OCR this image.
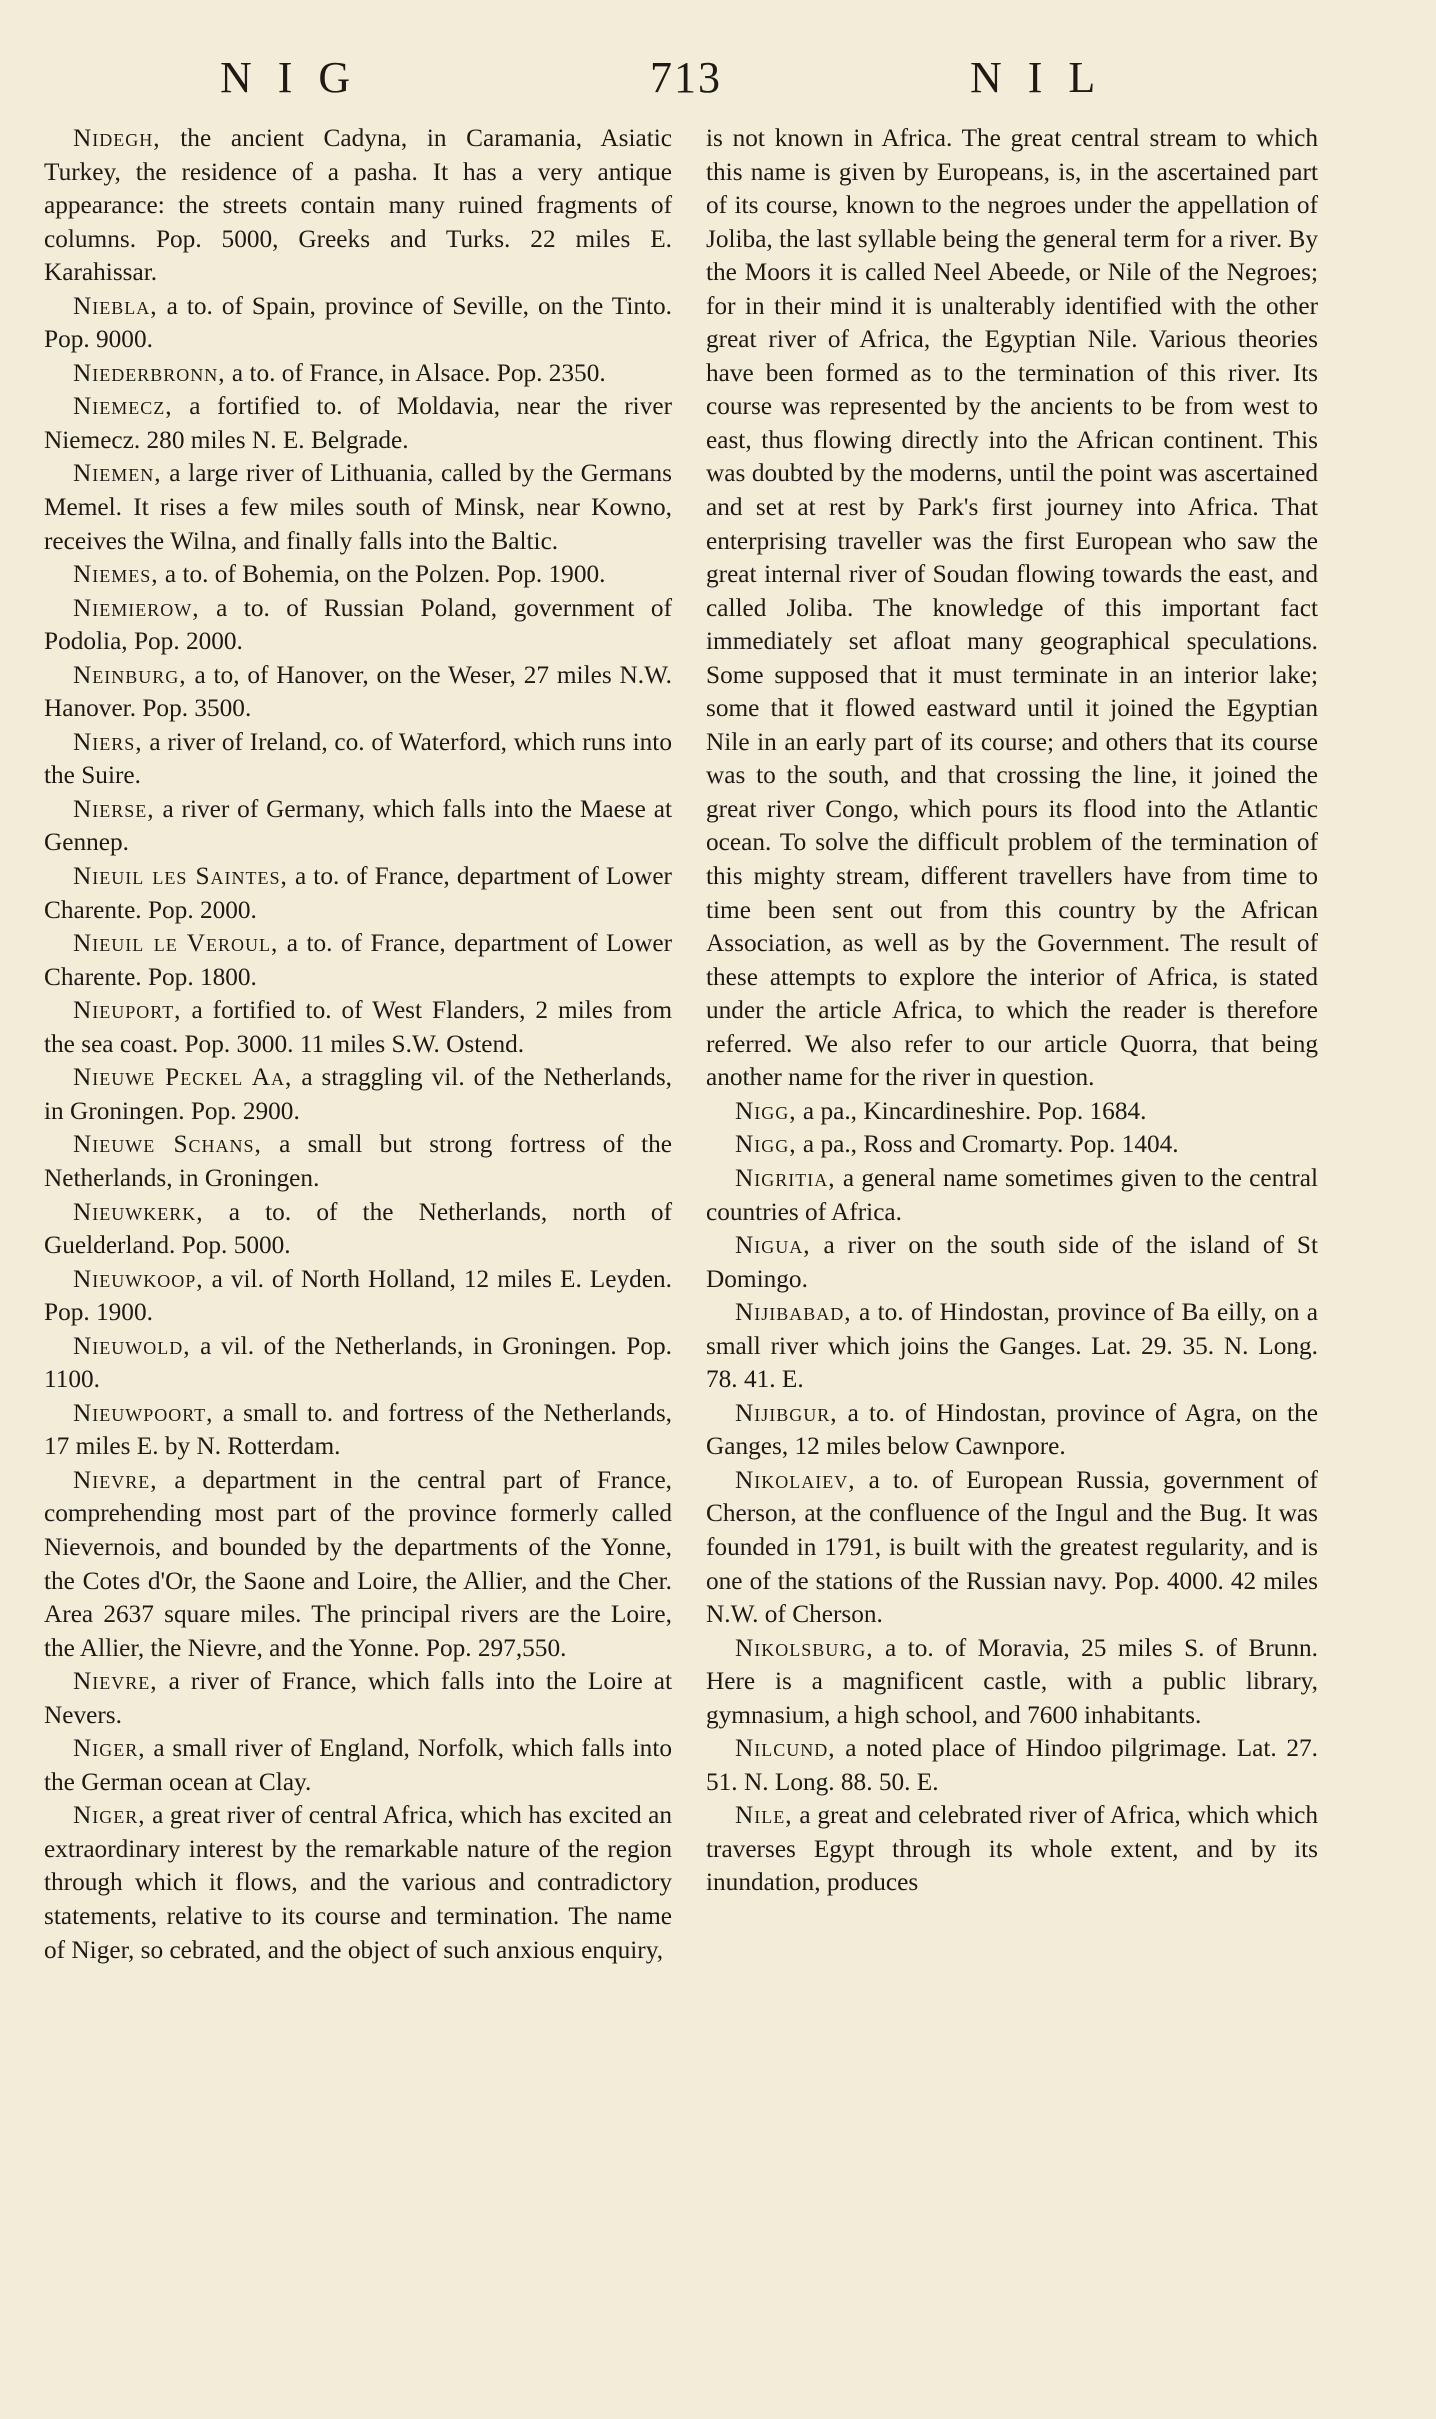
NIG	713	NIL

Nidegh, the ancient Cadyna, in Caramania, Asiatic Turkey, the residence of a pasha. It has a very antique appearance: the streets contain many ruined fragments of columns. Pop. 5000, Greeks and Turks. 22 miles E. Karahissar.

Niebla, a to. of Spain, province of Seville, on the Tinto. Pop. 9000.

Niederbronn, a to. of France, in Alsace. Pop. 2350.

Niemecz, a fortified to. of Moldavia, near the river Niemecz. 280 miles N. E. Belgrade.

Niemen, a large river of Lithuania, called by the Germans Memel. It rises a few miles south of Minsk, near Kowno, receives the Wilna, and finally falls into the Baltic.

Niemes, a to. of Bohemia, on the Polzen. Pop. 1900.

Niemierow, a to. of Russian Poland, government of Podolia, Pop. 2000.

Neinburg, a to, of Hanover, on the Weser, 27 miles N.W. Hanover. Pop. 3500.

Niers, a river of Ireland, co. of Waterford, which runs into the Suire.

Nierse, a river of Germany, which falls into the Maese at Gennep.

Nieuil les Saintes, a to. of France, department of Lower Charente. Pop. 2000.

Nieuil le Veroul, a to. of France, department of Lower Charente. Pop. 1800.

Nieuport, a fortified to. of West Flanders, 2 miles from the sea coast. Pop. 3000. 11 miles S.W. Ostend.

Nieuwe Peckel Aa, a straggling vil. of the Netherlands, in Groningen. Pop. 2900.

Nieuwe Schans, a small but strong fortress of the Netherlands, in Groningen.

Nieuwkerk, a to. of the Netherlands, north of Guelderland. Pop. 5000.

Nieuwkoop, a vil. of North Holland, 12 miles E. Leyden. Pop. 1900.

Nieuwold, a vil. of the Netherlands, in Groningen. Pop. 1100.

Nieuwpoort, a small to. and fortress of the Netherlands, 17 miles E. by N. Rotterdam.

Nievre, a department in the central part of France, comprehending most part of the province formerly called Nievernois, and bounded by the departments of the Yonne, the Cotes d'Or, the Saone and Loire, the Allier, and the Cher. Area 2637 square miles. The principal rivers are the Loire, the Allier, the Nievre, and the Yonne. Pop. 297,550.

Nievre, a river of France, which falls into the Loire at Nevers.

Niger, a small river of England, Norfolk, which falls into the German ocean at Clay.

Niger, a great river of central Africa, which has excited an extraordinary interest by the remarkable nature of the region through which it flows, and the various and contradictory statements, relative to its course and termination. The name of Niger, so cebrated, and the object of such anxious enquiry,

is not known in Africa. The great central stream to which this name is given by Europeans, is, in the ascertained part of its course, known to the negroes under the appellation of Joliba, the last syllable being the general term for a river. By the Moors it is called Neel Abeede, or Nile of the Negroes; for in their mind it is unalterably identified with the other great river of Africa, the Egyptian Nile. Various theories have been formed as to the termination of this river. Its course was represented by the ancients to be from west to east, thus flowing directly into the African continent. This was doubted by the moderns, until the point was ascertained and set at rest by Park's first journey into Africa. That enterprising traveller was the first European who saw the great internal river of Soudan flowing towards the east, and called Joliba. The knowledge of this important fact immediately set afloat many geographical speculations. Some supposed that it must terminate in an interior lake; some that it flowed eastward until it joined the Egyptian Nile in an early part of its course; and others that its course was to the south, and that crossing the line, it joined the great river Congo, which pours its flood into the Atlantic ocean. To solve the difficult problem of the termination of this mighty stream, different travellers have from time to time been sent out from this country by the African Association, as well as by the Government. The result of these attempts to explore the interior of Africa, is stated under the article Africa, to which the reader is therefore referred. We also refer to our article Quorra, that being another name for the river in question.

Nigg, a pa., Kincardineshire. Pop. 1684.

Nigg, a pa., Ross and Cromarty. Pop. 1404.

Nigritia, a general name sometimes given to the central countries of Africa.

Nigua, a river on the south side of the island of St Domingo.

Nijibabad, a to. of Hindostan, province of Ba eilly, on a small river which joins the Ganges. Lat. 29. 35. N. Long. 78. 41. E.

Nijibgur, a to. of Hindostan, province of Agra, on the Ganges, 12 miles below Cawnpore.

Nikolaiev, a to. of European Russia, government of Cherson, at the confluence of the Ingul and the Bug. It was founded in 1791, is built with the greatest regularity, and is one of the stations of the Russian navy. Pop. 4000. 42 miles N.W. of Cherson.

Nikolsburg, a to. of Moravia, 25 miles S. of Brunn. Here is a magnificent castle, with a public library, gymnasium, a high school, and 7600 inhabitants.

Nilcund, a noted place of Hindoo pilgrimage. Lat. 27. 51. N. Long. 88. 50. E.

Nile, a great and celebrated river of Africa, which which traverses Egypt through its whole extent, and by its inundation, produces
